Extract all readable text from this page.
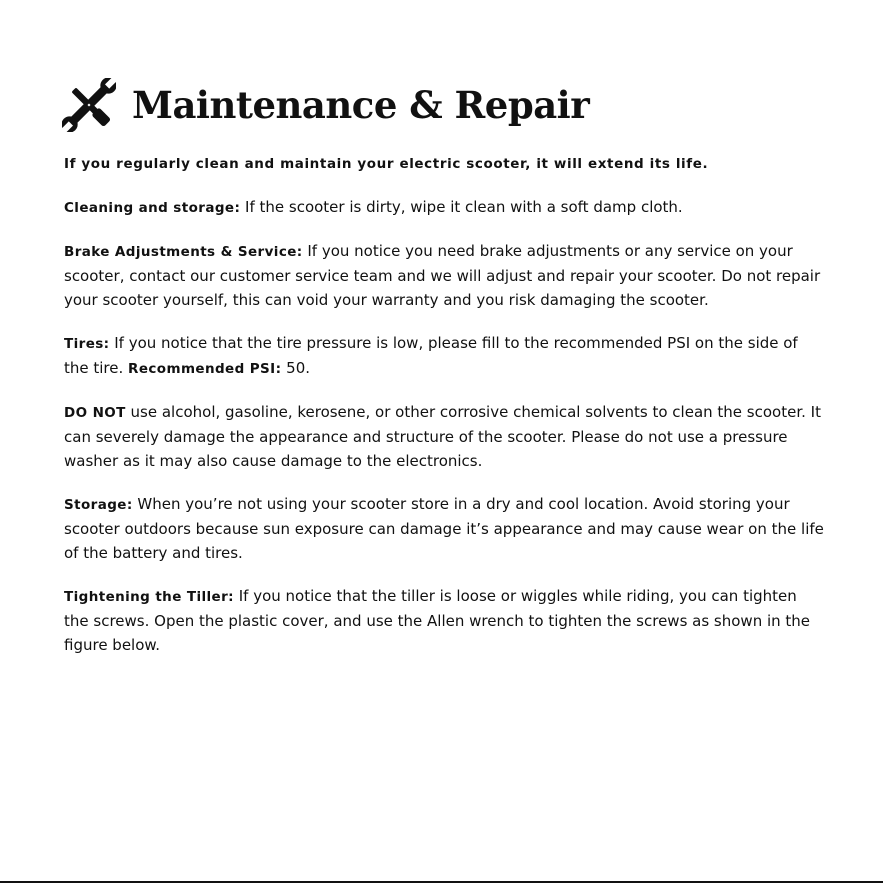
Maintenance & Repair

If you regularly clean and maintain your electric scooter, it will extend its life.

Cleaning and storage: If the scooter is dirty, wipe it clean with a soft damp cloth.

Brake Adjustments & Service: If you notice you need brake adjustments or any service on your scooter, contact our customer service team and we will adjust and repair your scooter. Do not repair your scooter yourself, this can void your warranty and you risk damaging the scooter.

Tires: If you notice that the tire pressure is low, please fill to the recommended PSI on the side of the tire. Recommended PSI: 50.

DO NOT use alcohol, gasoline, kerosene, or other corrosive chemical solvents to clean the scooter. It can severely damage the appearance and structure of the scooter. Please do not use a pressure washer as it may also cause damage to the electronics.

Storage: When you’re not using your scooter store in a dry and cool location. Avoid storing your scooter outdoors because sun exposure can damage it’s appearance and may cause wear on the life of the battery and tires.

Tightening the Tiller: If you notice that the tiller is loose or wiggles while riding, you can tighten the screws. Open the plastic cover, and use the Allen wrench to tighten the screws as shown in the figure below.
